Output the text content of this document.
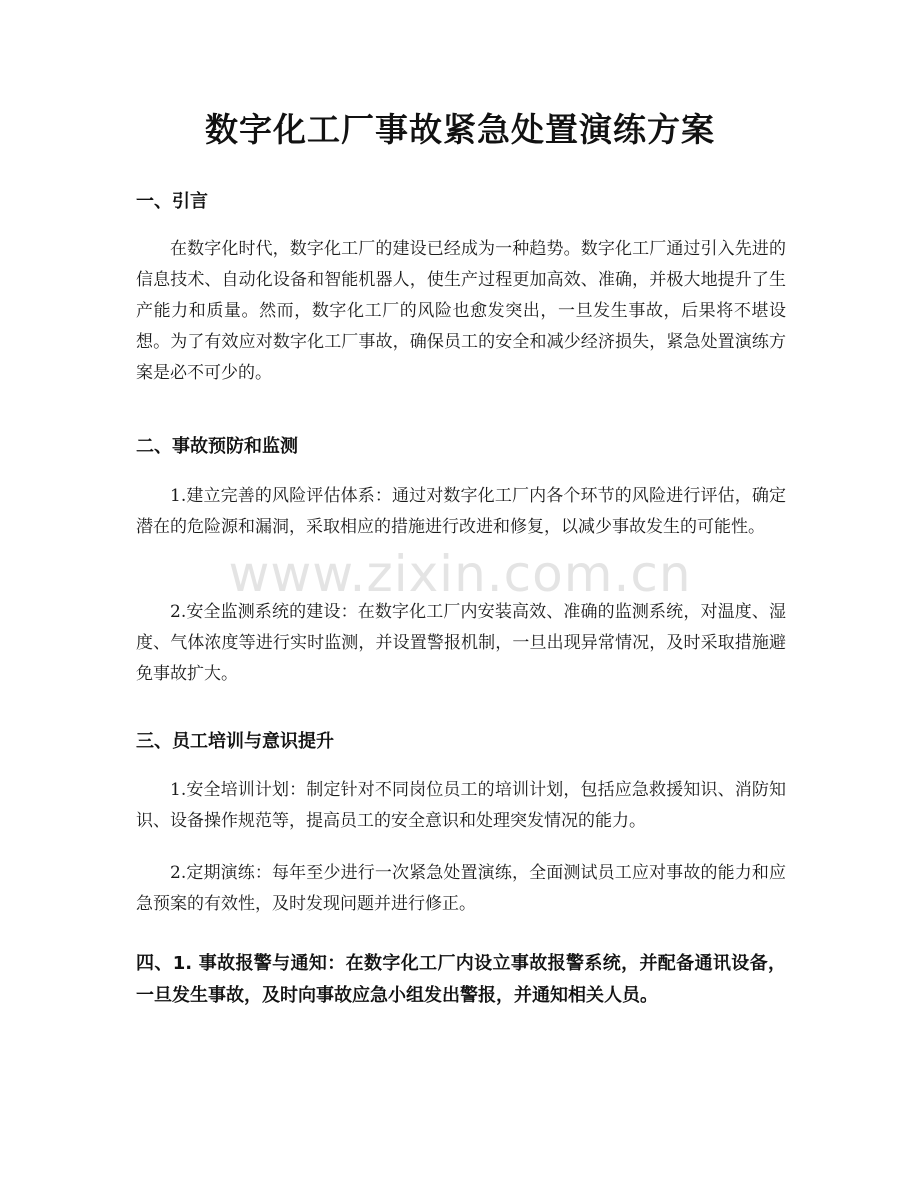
数字化工厂事故紧急处置演练方案
一、引言
在数字化时代，数字化工厂的建设已经成为一种趋势。数字化工厂通过引入先进的信息技术、自动化设备和智能机器人，使生产过程更加高效、准确，并极大地提升了生产能力和质量。然而，数字化工厂的风险也愈发突出，一旦发生事故，后果将不堪设想。为了有效应对数字化工厂事故，确保员工的安全和减少经济损失，紧急处置演练方案是必不可少的。
二、事故预防和监测
1.建立完善的风险评估体系：通过对数字化工厂内各个环节的风险进行评估，确定潜在的危险源和漏洞，采取相应的措施进行改进和修复，以减少事故发生的可能性。
2.安全监测系统的建设：在数字化工厂内安装高效、准确的监测系统，对温度、湿度、气体浓度等进行实时监测，并设置警报机制，一旦出现异常情况，及时采取措施避免事故扩大。
三、员工培训与意识提升
1.安全培训计划：制定针对不同岗位员工的培训计划，包括应急救援知识、消防知识、设备操作规范等，提高员工的安全意识和处理突发情况的能力。
2.定期演练：每年至少进行一次紧急处置演练，全面测试员工应对事故的能力和应急预案的有效性，及时发现问题并进行修正。
四、1. 事故报警与通知：在数字化工厂内设立事故报警系统，并配备通讯设备，一旦发生事故，及时向事故应急小组发出警报，并通知相关人员。
www.zixin.com.cn
